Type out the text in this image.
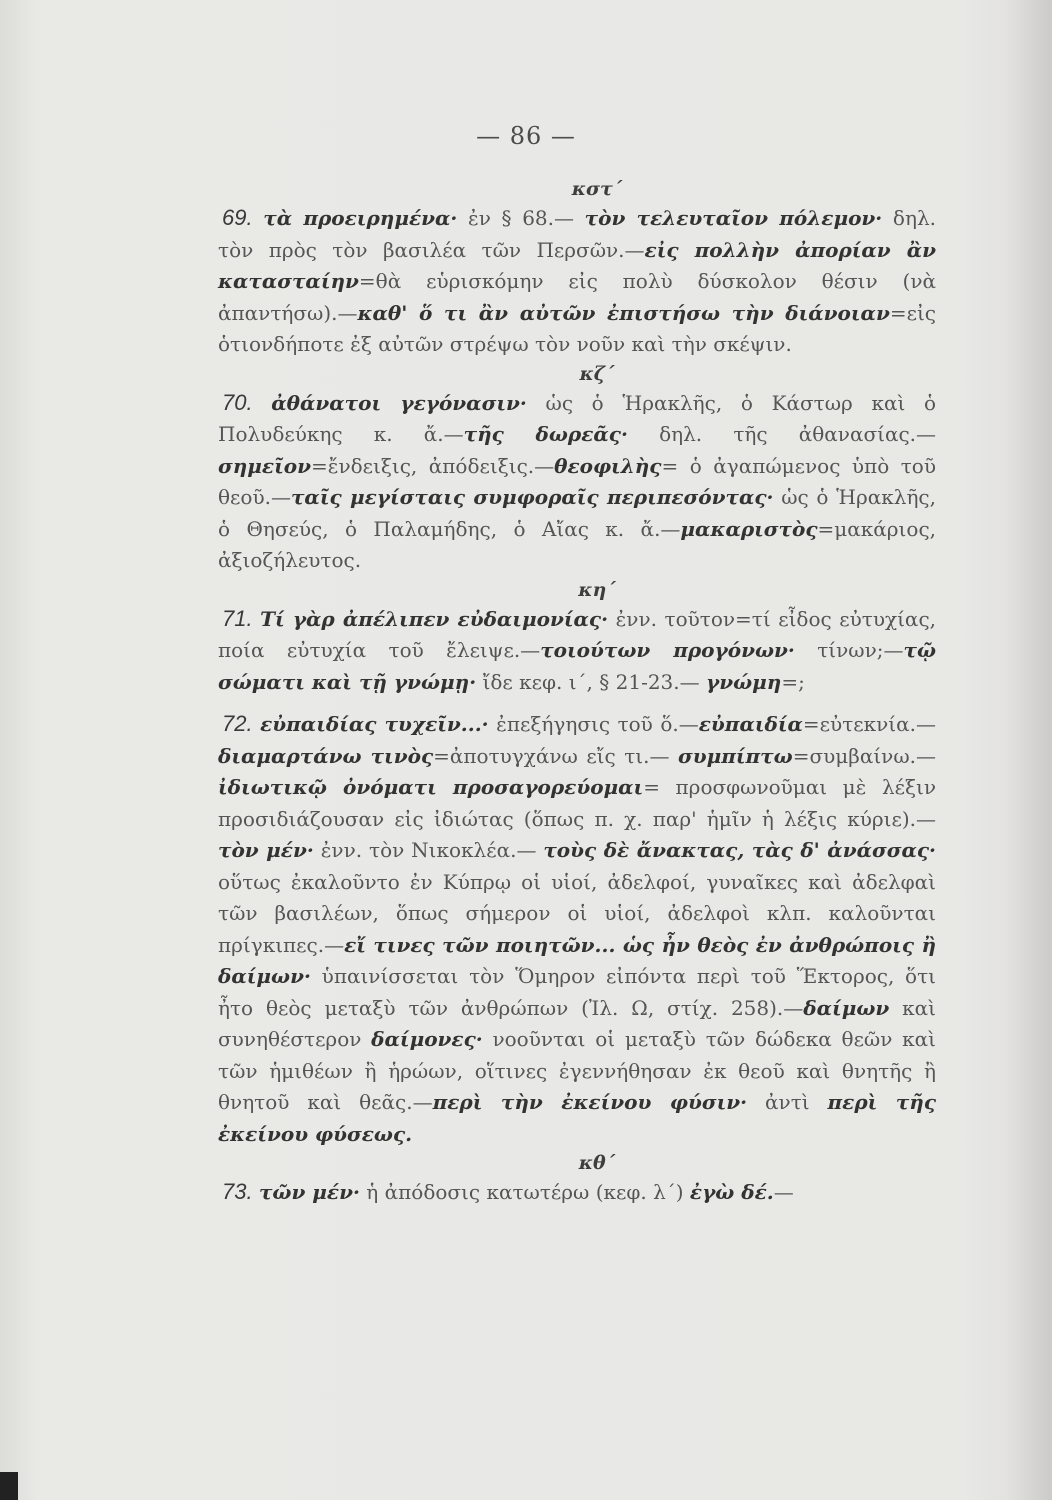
— 86 —
κστ΄

69. τὰ προειρημένα· ἐν § 68.— τὸν τελευταῖον πόλεμον· δηλ. τὸν πρὸς τὸν βασιλέα τῶν Περσῶν.—εἰς πολλὴν ἀπορίαν ἂν κατασταίην=θὰ εὑρισκόμην εἰς πολὺ δύσκολον θέσιν (νὰ ἀπαντήσω).—καθ' ὅ τι ἂν αὐτῶν ἐπιστήσω τὴν διάνοιαν=εἰς ὁτιονδήποτε ἐξ αὐτῶν στρέψω τὸν νοῦν καὶ τὴν σκέψιν.

κζ΄

70. ἀθάνατοι γεγόνασιν· ὡς ὁ Ἡρακλῆς, ὁ Κάστωρ καὶ ὁ Πολυδεύκης κ. ἄ.—τῆς δωρεᾶς· δηλ. τῆς ἀθανασίας.— σημεῖον=ἔνδειξις, ἀπόδειξις.—θεοφιλὴς= ὁ ἀγαπώμενος ὑπὸ τοῦ θεοῦ.—ταῖς μεγίσταις συμφοραῖς περιπεσόντας· ὡς ὁ Ἡρακλῆς, ὁ Θησεύς, ὁ Παλαμήδης, ὁ Αἴας κ. ἄ.—μακαριστὸς=μακάριος, ἀξιοζήλευτος.

κη΄

71. Τί γὰρ ἀπέλιπεν εὐδαιμονίας· ἐνν. τοῦτον=τί εἶδος εὐτυχίας, ποία εὐτυχία τοῦ ἔλειψε.—τοιούτων προγόνων· τίνων;—τῷ σώματι καὶ τῇ γνώμῃ· ἴδε κεφ. ι΄, § 21-23.— γνώμη=;

72. εὐπαιδίας τυχεῖν...· ἐπεξήγησις τοῦ ὅ.—εὐπαιδία=εὐτεκνία.— διαμαρτάνω τινὸς=ἀποτυγχάνω εἴς τι.— συμπίπτω=συμβαίνω.— ἰδιωτικῷ ὀνόματι προσαγορεύομαι= προσφωνοῦμαι μὲ λέξιν προσιδιάζουσαν εἰς ἰδιώτας (ὅπως π. χ. παρ' ἡμῖν ἡ λέξις κύριε).—τὸν μέν· ἐνν. τὸν Νικοκλέα.— τοὺς δὲ ἄνακτας, τὰς δ' ἀνάσσας· οὕτως ἐκαλοῦντο ἐν Κύπρῳ οἱ υἱοί, ἀδελφοί, γυναῖκες καὶ ἀδελφαὶ τῶν βασιλέων, ὅπως σήμερον οἱ υἱοί, ἀδελφοὶ κλπ. καλοῦνται πρίγκιπες.—εἴ τινες τῶν ποιητῶν... ὡς ἦν θεὸς ἐν ἀνθρώποις ἢ δαίμων· ὑπαινίσσεται τὸν Ὅμηρον εἰπόντα περὶ τοῦ Ἕκτορος, ὅτι ἦτο θεὸς μεταξὺ τῶν ἀνθρώπων (Ἰλ. Ω, στίχ. 258).—δαίμων καὶ συνηθέστερον δαίμονες· νοοῦνται οἱ μεταξὺ τῶν δώδεκα θεῶν καὶ τῶν ἡμιθέων ἢ ἡρώων, οἵτινες ἐγεννήθησαν ἐκ θεοῦ καὶ θνητῆς ἢ θνητοῦ καὶ θεᾶς.—περὶ τὴν ἐκείνου φύσιν· ἀντὶ περὶ τῆς ἐκείνου φύσεως.

κθ΄

73. τῶν μέν· ἡ ἀπόδοσις κατωτέρω (κεφ. λ΄) ἐγὼ δέ.—
